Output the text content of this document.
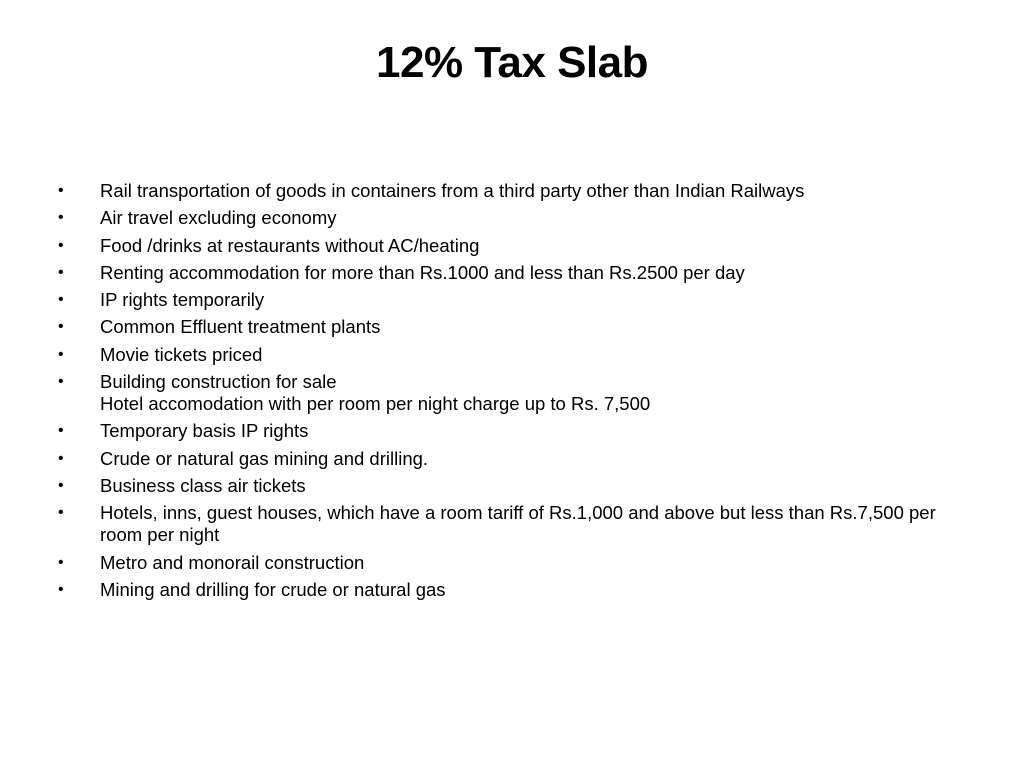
12% Tax Slab
•	Rail transportation of goods in containers from a third party other than Indian Railways
•	Air travel excluding economy
•	Food /drinks at restaurants without AC/heating
•	Renting accommodation for more than Rs.1000 and less than Rs.2500 per day
•	IP rights temporarily
•	Common Effluent treatment plants
•	Movie tickets priced
•	Building construction for sale
Hotel accomodation with per room per night charge up to Rs. 7,500
•	Temporary basis IP rights
•	Crude or natural gas mining and drilling.
•	Business class air tickets
•	Hotels, inns, guest houses, which have a room tariff of Rs.1,000 and above but less than Rs.7,500 per room per night
•	Metro and monorail construction
•	Mining and drilling for crude or natural gas
